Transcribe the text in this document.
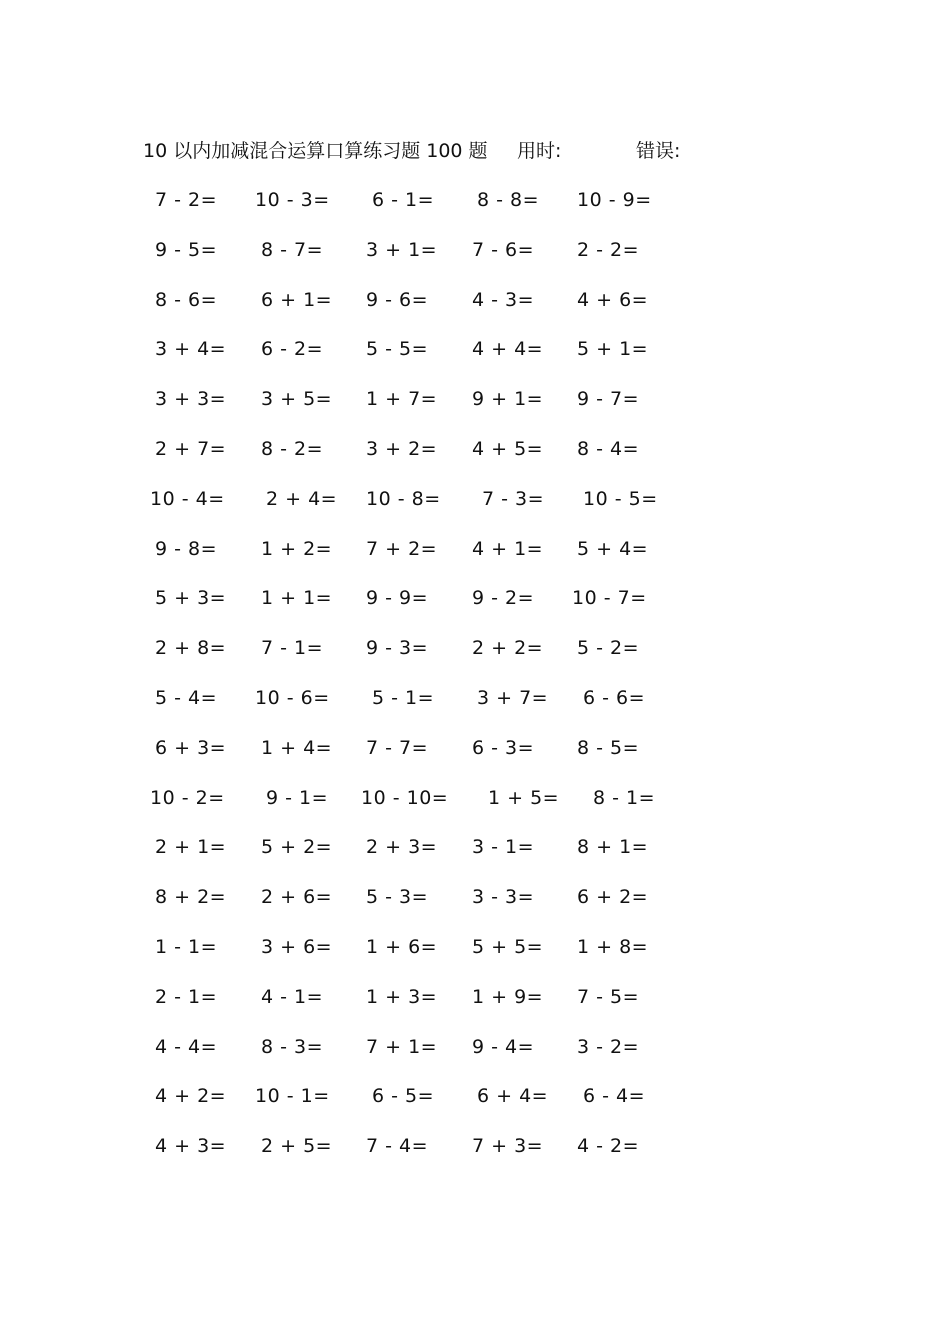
10 以内加减混合运算口算练习题 100 题 用时:	错误:
7 - 2= 10 - 3= 6 - 1= 8 - 8= 10 - 9=
9 - 5= 8 - 7= 3 + 1= 7 - 6= 2 - 2=
8 - 6= 6 + 1= 9 - 6= 4 - 3= 4 + 6=
3 + 4= 6 - 2= 5 - 5= 4 + 4= 5 + 1=
3 + 3= 3 + 5= 1 + 7= 9 + 1= 9 - 7=
2 + 7= 8 - 2= 3 + 2= 4 + 5= 8 - 4=
10 - 4= 2 + 4= 10 - 8= 7 - 3= 10 - 5=
9 - 8= 1 + 2= 7 + 2= 4 + 1= 5 + 4=
5 + 3= 1 + 1= 9 - 9= 9 - 2= 10 - 7=
2 + 8= 7 - 1= 9 - 3= 2 + 2= 5 - 2=
5 - 4= 10 - 6= 5 - 1= 3 + 7= 6 - 6=
6 + 3= 1 + 4= 7 - 7= 6 - 3= 8 - 5=
10 - 2= 9 - 1= 10 - 10= 1 + 5= 8 - 1=
2 + 1= 5 + 2= 2 + 3= 3 - 1= 8 + 1=
8 + 2= 2 + 6= 5 - 3= 3 - 3= 6 + 2=
1 - 1= 3 + 6= 1 + 6= 5 + 5= 1 + 8=
2 - 1= 4 - 1= 1 + 3= 1 + 9= 7 - 5=
4 - 4= 8 - 3= 7 + 1= 9 - 4= 3 - 2=
4 + 2= 10 - 1= 6 - 5= 6 + 4= 6 - 4=
4 + 3= 2 + 5= 7 - 4= 7 + 3= 4 - 2=
